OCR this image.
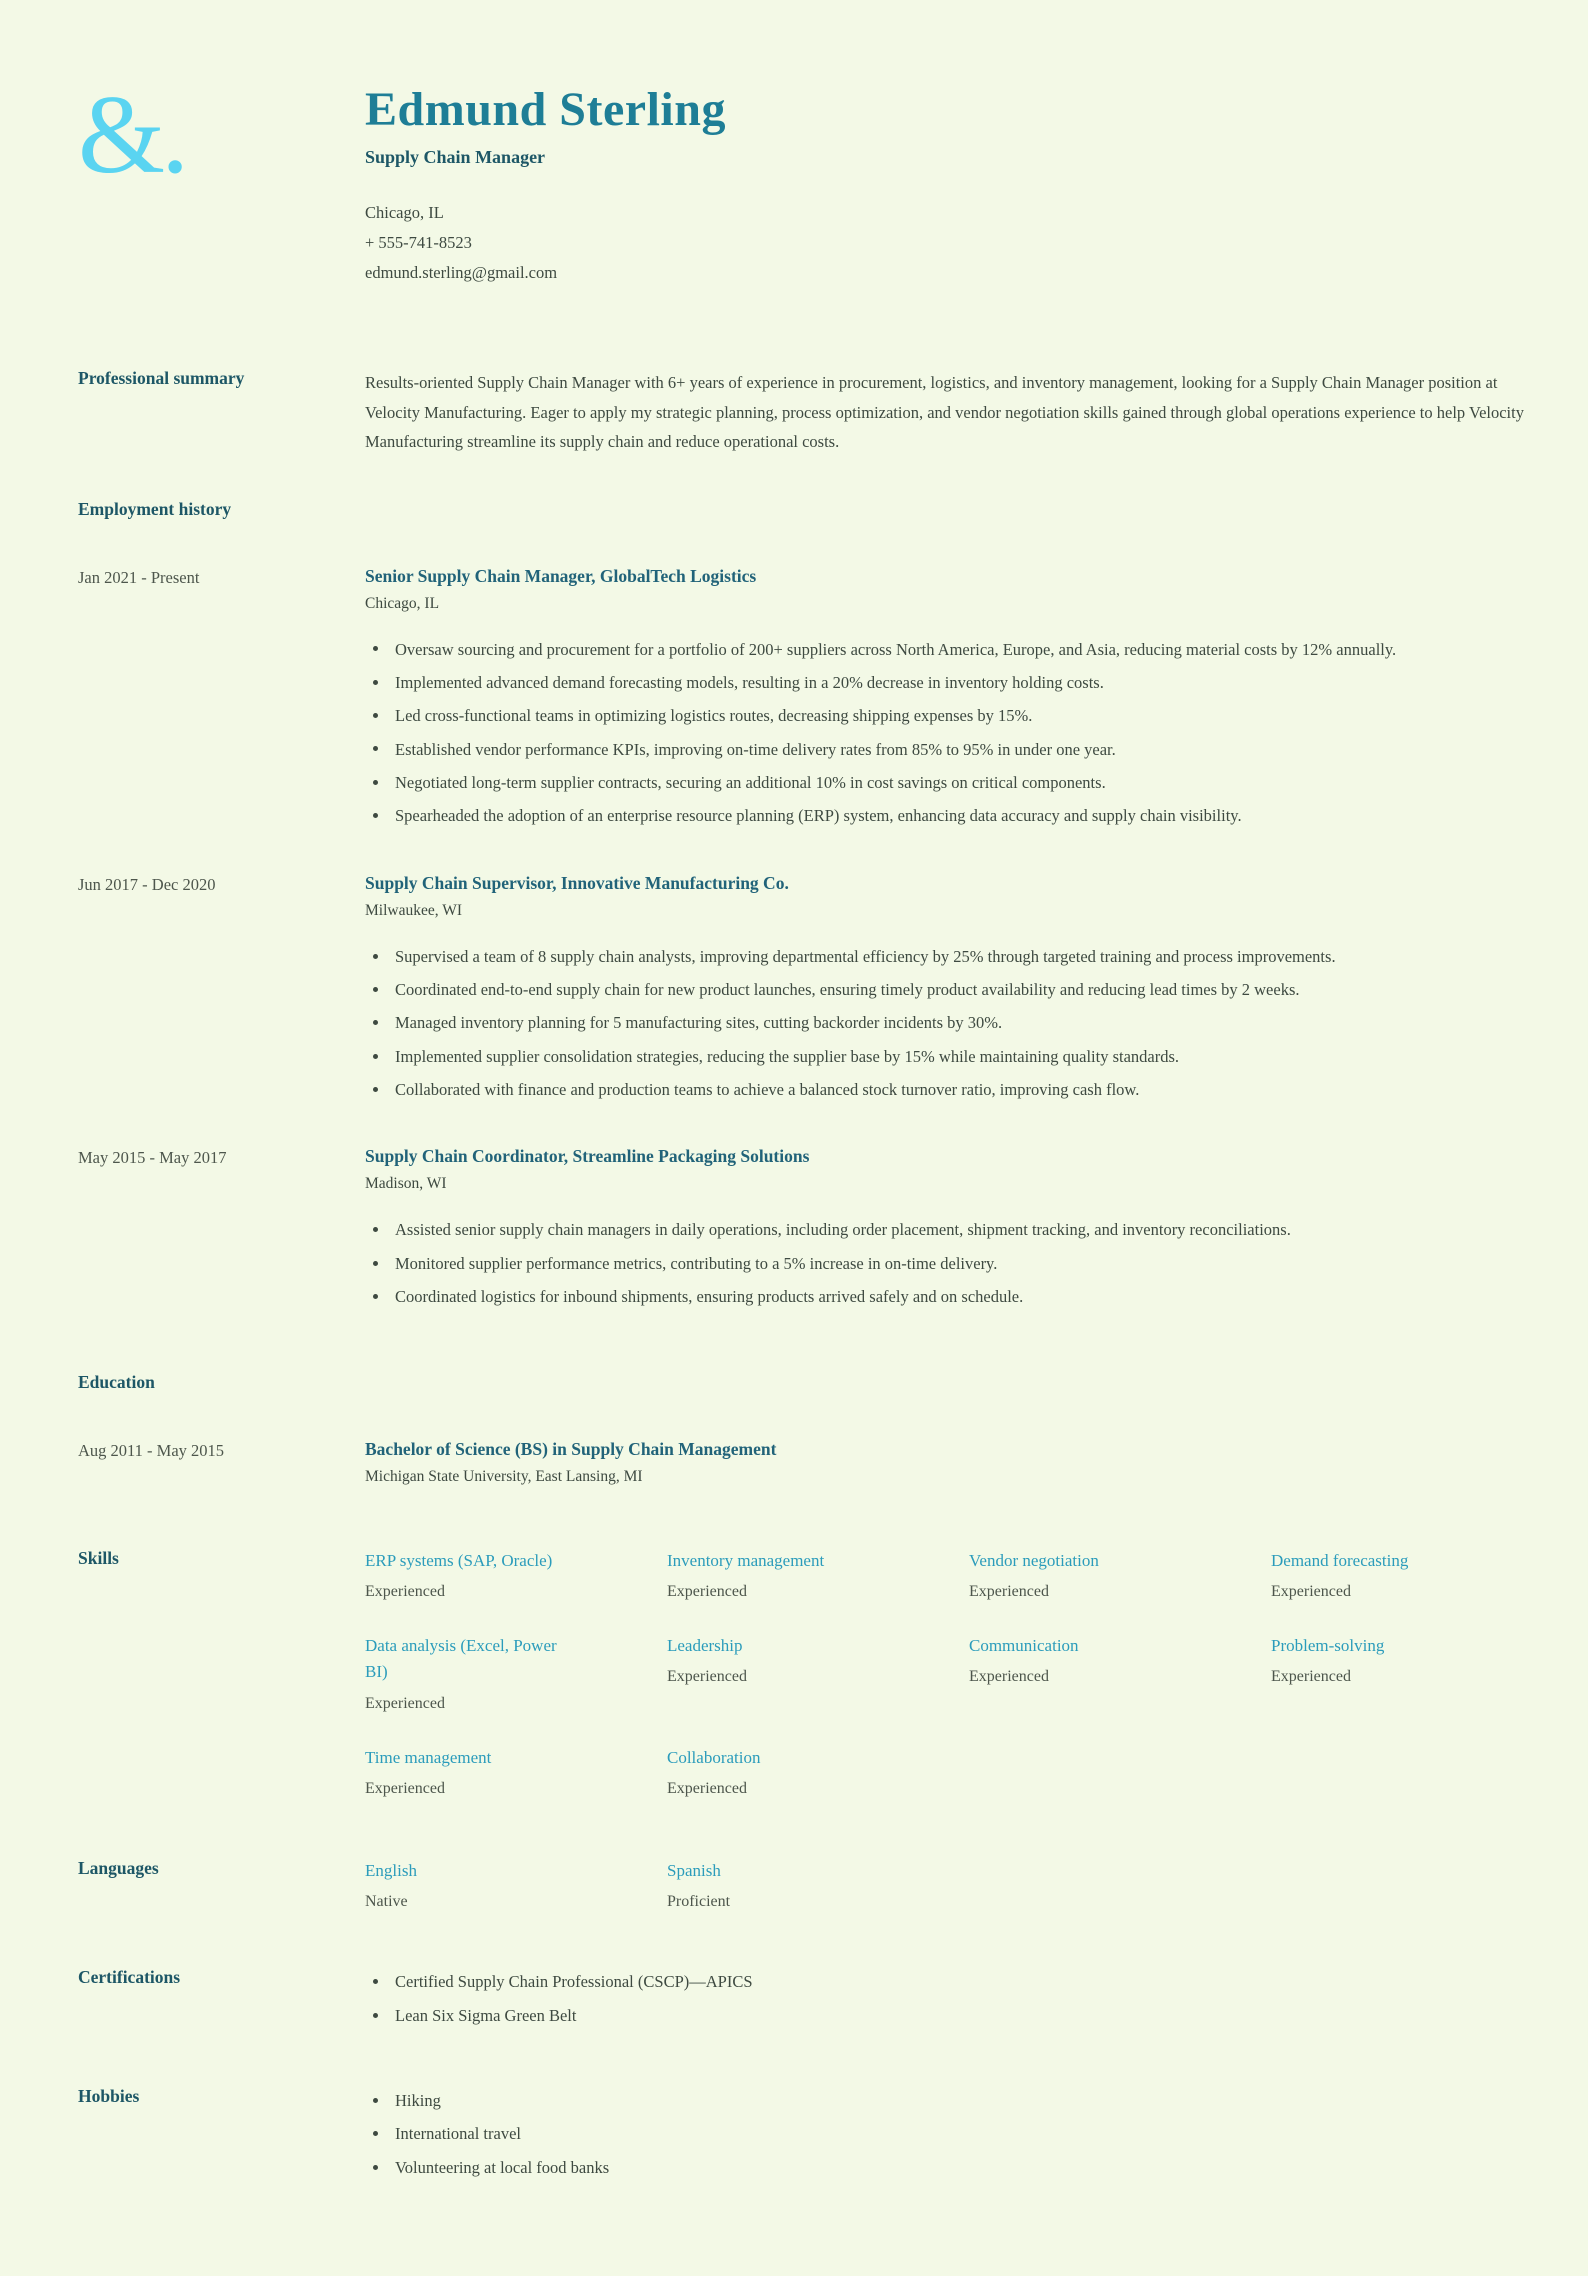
&.	Edmund Sterling
Supply Chain Manager
Chicago, IL
+ 555-741-8523
edmund.sterling@gmail.com
Professional summary	Results-oriented Supply Chain Manager with 6+ years of experience in procurement, logistics, and inventory management, looking for a Supply Chain Manager position at Velocity Manufacturing. Eager to apply my strategic planning, process optimization, and vendor negotiation skills gained through global operations experience to help Velocity Manufacturing streamline its supply chain and reduce operational costs.

Employment history
Jan 2021 - Present	Senior Supply Chain Manager, GlobalTech Logistics
Chicago, IL
Oversaw sourcing and procurement for a portfolio of 200+ suppliers across North America, Europe, and Asia, reducing material costs by 12% annually.
Implemented advanced demand forecasting models, resulting in a 20% decrease in inventory holding costs.
Led cross-functional teams in optimizing logistics routes, decreasing shipping expenses by 15%.
Established vendor performance KPIs, improving on-time delivery rates from 85% to 95% in under one year.
Negotiated long-term supplier contracts, securing an additional 10% in cost savings on critical components.
Spearheaded the adoption of an enterprise resource planning (ERP) system, enhancing data accuracy and supply chain visibility.
Jun 2017 - Dec 2020	Supply Chain Supervisor, Innovative Manufacturing Co.
Milwaukee, WI
Supervised a team of 8 supply chain analysts, improving departmental efficiency by 25% through targeted training and process improvements.
Coordinated end-to-end supply chain for new product launches, ensuring timely product availability and reducing lead times by 2 weeks.
Managed inventory planning for 5 manufacturing sites, cutting backorder incidents by 30%.
Implemented supplier consolidation strategies, reducing the supplier base by 15% while maintaining quality standards.
Collaborated with finance and production teams to achieve a balanced stock turnover ratio, improving cash flow.
May 2015 - May 2017	Supply Chain Coordinator, Streamline Packaging Solutions
Madison, WI
Assisted senior supply chain managers in daily operations, including order placement, shipment tracking, and inventory reconciliations.
Monitored supplier performance metrics, contributing to a 5% increase in on-time delivery.
Coordinated logistics for inbound shipments, ensuring products arrived safely and on schedule.
Education
Aug 2011 - May 2015	Bachelor of Science (BS) in Supply Chain Management
Michigan State University, East Lansing, MI
Skills	ERP systems (SAP, Oracle)
Experienced
Inventory management
Experienced
Vendor negotiation
Experienced
Demand forecasting
Experienced
Data analysis (Excel, Power BI)
Experienced
Leadership
Experienced
Communication
Experienced
Problem-solving
Experienced
Time management
Experienced
Collaboration
Experienced
Languages	English
Native
Spanish
Proficient
Certifications	Certified Supply Chain Professional (CSCP)—APICS
Lean Six Sigma Green Belt
Hobbies	Hiking
International travel
Volunteering at local food banks
